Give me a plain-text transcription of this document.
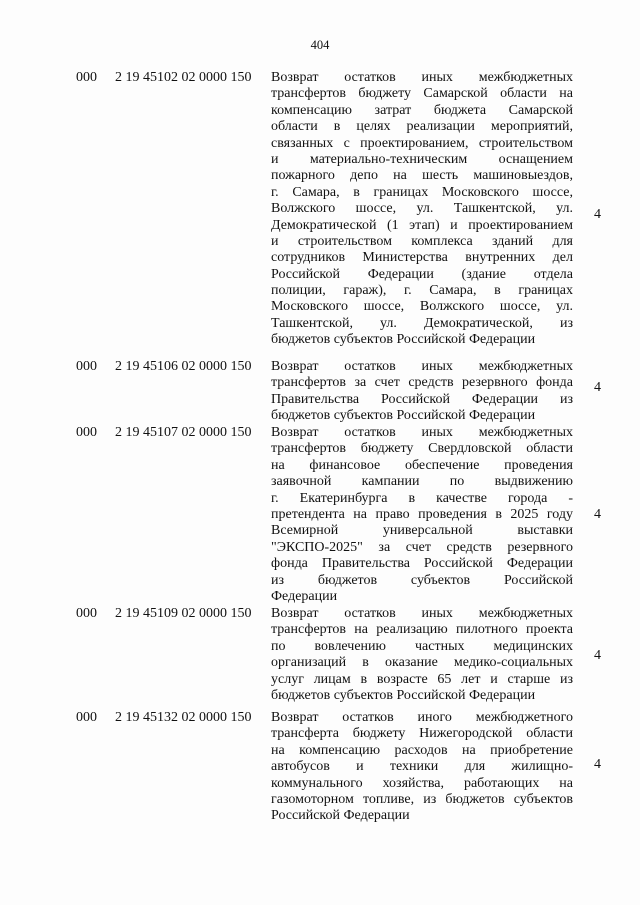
404
000 2 19 45102 02 0000 150 Возврат остатков иных межбюджетных
трансфертов бюджету Самарской области на
компенсацию затрат бюджета Самарской
области в целях реализации мероприятий,
связанных с проектированием, строительством
и материально-техническим оснащением
пожарного депо на шесть машиновыездов,
г. Самара, в границах Московского шоссе,
Волжского шоссе, ул. Ташкентской, ул.
Демократической (1 этап) и проектированием
и строительством комплекса зданий для
сотрудников Министерства внутренних дел
Российской Федерации (здание отдела
полиции, гараж), г. Самара, в границах
Московского шоссе, Волжского шоссе, ул.
Ташкентской, ул. Демократической, из
бюджетов субъектов Российской Федерации
4
000 2 19 45106 02 0000 150 Возврат остатков иных межбюджетных
трансфертов за счет средств резервного фонда
Правительства Российской Федерации из
бюджетов субъектов Российской Федерации
4
000 2 19 45107 02 0000 150 Возврат остатков иных межбюджетных
трансфертов бюджету Свердловской области
на финансовое обеспечение проведения
заявочной кампании по выдвижению
г. Екатеринбурга в качестве города -
претендента на право проведения в 2025 году
Всемирной универсальной выставки
"ЭКСПО-2025" за счет средств резервного
фонда Правительства Российской Федерации
из бюджетов субъектов Российской
Федерации
4
000 2 19 45109 02 0000 150 Возврат остатков иных межбюджетных
трансфертов на реализацию пилотного проекта
по вовлечению частных медицинских
организаций в оказание медико-социальных
услуг лицам в возрасте 65 лет и старше из
бюджетов субъектов Российской Федерации
4
000 2 19 45132 02 0000 150 Возврат остатков иного межбюджетного
трансферта бюджету Нижегородской области
на компенсацию расходов на приобретение
автобусов и техники для жилищно-
коммунального хозяйства, работающих на
газомоторном топливе, из бюджетов субъектов
Российской Федерации
4
